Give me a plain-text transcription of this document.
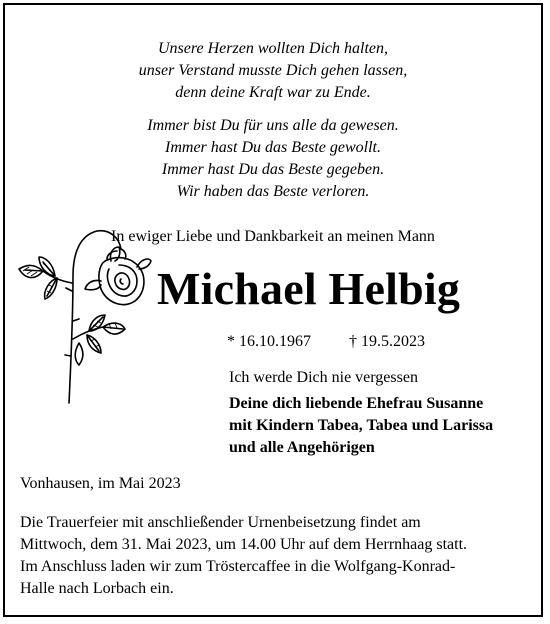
Unsere Herzen wollten Dich halten,
unser Verstand musste Dich gehen lassen,
denn deine Kraft war zu Ende.
Immer bist Du für uns alle da gewesen.
Immer hast Du das Beste gewollt.
Immer hast Du das Beste gegeben.
Wir haben das Beste verloren.
In ewiger Liebe und Dankbarkeit an meinen Mann
Michael Helbig
* 16.10.1967 † 19.5.2023
Ich werde Dich nie vergessen
Deine dich liebende Ehefrau Susanne
mit Kindern Tabea, Tabea und Larissa
und alle Angehörigen
Vonhausen, im Mai 2023
Die Trauerfeier mit anschließender Urnenbeisetzung findet am
Mittwoch, dem 31. Mai 2023, um 14.00 Uhr auf dem Herrnhaag statt.
Im Anschluss laden wir zum Tröstercaffee in die Wolfgang-Konrad-
Halle nach Lorbach ein.
